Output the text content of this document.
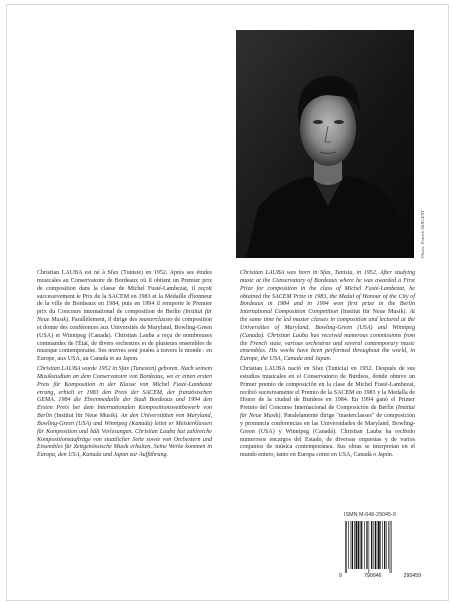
Photo: Patrick SERGENT

Christian LAUBA est né à Sfax (Tunisie) en 1952. Après ses études musicales au Conservatoire de Bordeaux où il obtient un Premier prix de composition dans la classe de Michel Fusté-Lambezat, il reçoit successivement le Prix de la SACEM en 1983 et la Médaille d'honneur de la ville de Bordeaux en 1984, puis en 1994 il remporte le Premier prix du Concours international de composition de Berlin (Institut für Neue Musik). Parallèlement, il dirige des masterclasses de composition et donne des conférences aux Universités de Maryland, Bowling-Green (USA) et Winnipeg (Canada). Christian Lauba a reçu de nombreuses commandes de l'État, de divers orchestres et de plusieurs ensembles de musique contemporaine. Ses œuvres sont jouées à travers le monde : en Europe, aux USA, au Canada et au Japon.

Christian LAUBA was born in Sfax, Tunisia, in 1952. After studying music at the Conservatory of Bordeaux where he was awarded a First Prize for composition in the class of Michel Fusté-Lambezat, he obtained the SACEM Prize in 1983, the Medal of Honour of the City of Bordeaux in 1984 and in 1994 won first prize in the Berlin International Composition Competition (Institut für Neue Musik). At the same time he led master classes in composition and lectured at the Universities of Maryland, Bowling-Green (USA) and Winnipeg (Canada). Christian Lauba has received numerous commissions from the French state, various orchestras and several contemporary music ensembles. His works have been performed throughout the world, in Europe, the USA, Canada and Japan.

Christian LAUBA wurde 1952 in Sfax (Tunesien) geboren. Nach seinem Musikstudium an dem Conservatoire von Bordeaux, wo er einen ersten Preis für Komposition in der Klasse von Michel Fusté-Lambezat errang, erhielt er 1983 den Preis der SACEM, der französischen GEMA. 1984 die Ehrenmedaille der Stadt Bordeaux und 1994 den Ersten Preis bei dem Internationalen Kompositionswettbewerb von Berlin (Institut für Neue Musik). An den Universitäten von Maryland, Bowling-Green (USA) und Winnipeg (Kanada) leitet er Meisterklassen für Komposition und hält Vorlesungen. Christian Lauba hat zahlreiche Kompositionsaufträge von staatlicher Seite sowie von Orchestern und Ensembles für Zeitgenössische Musik erhalten. Seine Werke kommen in Europa, den USA, Kanada und Japan zur Aufführung.

Christian LAUBA nació en Sfax (Tunicia) en 1952. Después de sus estudios musicales en el Conservatorio de Burdeos, donde obtuvo un Primer premio de composición en la clase de Michel Fusté-Lambezat, recibió sucesivamente el Premio de la SACEM en 1983 y la Medalla de Honor de la ciudad de Burdeos en 1984. En 1994 ganó el Primer Premio del Concurso Internacional de Composición de Berlín (Institut für Neue Musik). Paralelamente dirige "masterclasses" de composición y pronuncia conferencias en las Universidades de Maryland, Bowling-Green (USA) y Winnipeg (Canadá). Christian Lauba ha recibido numerosos encargos del Estado, de diversas orquestas y de varios conjuntos de música contemporánea. Sus obras se interpretan en el mundo entero, tanto en Europa como en USA, Canadá o Japón.

ISMN M-046-29045-9
9	790046	290459
